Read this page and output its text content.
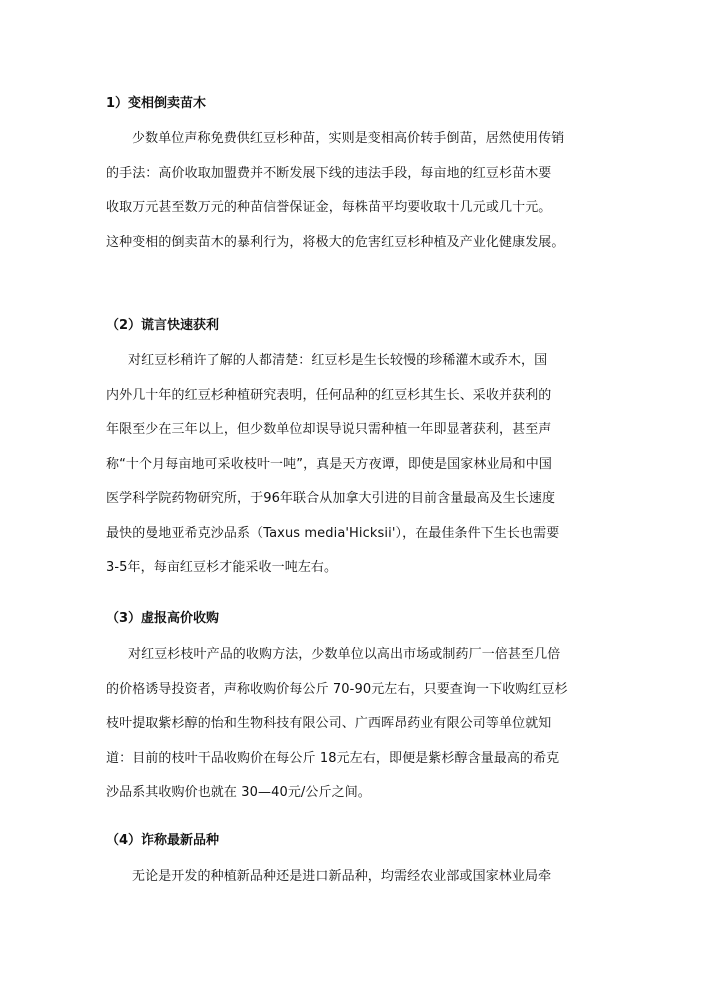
1）变相倒卖苗木

少数单位声称免费供红豆杉种苗，实则是变相高价转手倒苗，居然使用传销
的手法：高价收取加盟费并不断发展下线的违法手段，每亩地的红豆杉苗木要
收取万元甚至数万元的种苗信誉保证金，每株苗平均要收取十几元或几十元。
这种变相的倒卖苗木的暴利行为，将极大的危害红豆杉种植及产业化健康发展。

（2）谎言快速获利

对红豆杉稍许了解的人都清楚：红豆杉是生长较慢的珍稀灌木或乔木，国
内外几十年的红豆杉种植研究表明，任何品种的红豆杉其生长、采收并获利的
年限至少在三年以上，但少数单位却误导说只需种植一年即显著获利，甚至声
称“十个月每亩地可采收枝叶一吨”，真是天方夜谭，即使是国家林业局和中国
医学科学院药物研究所，于96年联合从加拿大引进的目前含量最高及生长速度
最快的曼地亚希克沙品系（Taxus media'Hicksii'），在最佳条件下生长也需要
3-5年，每亩红豆杉才能采收一吨左右。

（3）虚报高价收购

对红豆杉枝叶产品的收购方法，少数单位以高出市场或制药厂一倍甚至几倍
的价格诱导投资者，声称收购价每公斤 70-90元左右，只要查询一下收购红豆杉
枝叶提取紫杉醇的怡和生物科技有限公司、广西晖昂药业有限公司等单位就知
道：目前的枝叶干品收购价在每公斤 18元左右，即便是紫杉醇含量最高的希克
沙品系其收购价也就在 30—40元/公斤之间。

（4）诈称最新品种

无论是开发的种植新品种还是进口新品种，均需经农业部或国家林业局牵
